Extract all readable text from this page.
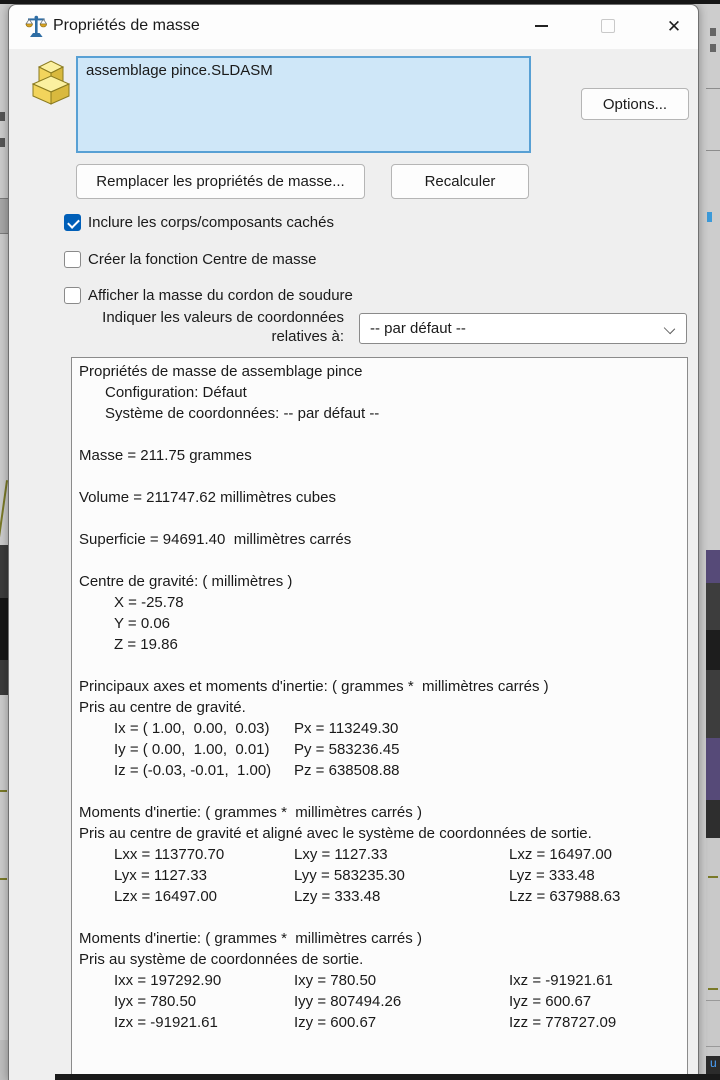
u
Propriétés de masse	✕
assemblage pince.SLDASM
Options...
Remplacer les propriétés de masse...	Recalculer
Inclure les corps/composants cachés
Créer la fonction Centre de masse
Afficher la masse du cordon de soudure
Indiquer les valeurs de coordonnées
relatives à: -- par défaut --
Propriétés de masse de assemblage pince
Configuration: Défaut
Système de coordonnées: -- par défaut --
Masse = 211.75 grammes
Volume = 211747.62 millimètres cubes
Superficie = 94691.40  millimètres carrés
Centre de gravité: ( millimètres )
X = -25.78
Y = 0.06
Z = 19.86
Principaux axes et moments d'inertie: ( grammes *  millimètres carrés )
Pris au centre de gravité.
Ix = ( 1.00,  0.00,  0.03) Px = 113249.30
Iy = ( 0.00,  1.00,  0.01) Py = 583236.45
Iz = (-0.03, -0.01,  1.00) Pz = 638508.88
Moments d'inertie: ( grammes *  millimètres carrés )
Pris au centre de gravité et aligné avec le système de coordonnées de sortie.
Lxx = 113770.70	Lxy = 1127.33	Lxz = 16497.00
Lyx = 1127.33	Lyy = 583235.30	Lyz = 333.48
Lzx = 16497.00	Lzy = 333.48	Lzz = 637988.63
Moments d'inertie: ( grammes *  millimètres carrés )
Pris au système de coordonnées de sortie.
Ixx = 197292.90	Ixy = 780.50	Ixz = -91921.61
Iyx = 780.50	Iyy = 807494.26	Iyz = 600.67
Izx = -91921.61	Izy = 600.67	Izz = 778727.09
